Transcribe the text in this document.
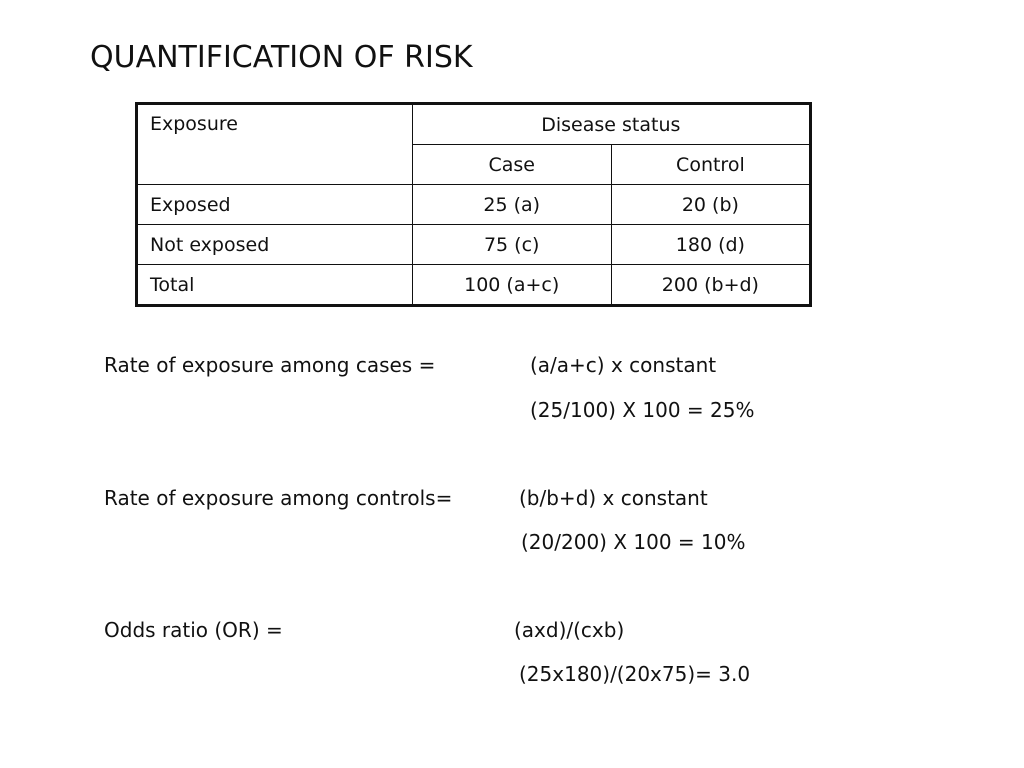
QUANTIFICATION OF RISK
Exposure	Disease status	
	Case	Control
Exposed	25 (a)	20 (b)
Not exposed	75 (c)	180 (d)
Total	100 (a+c)	200 (b+d)
Rate of exposure among cases =	(a/a+c) x constant
(25/100) X 100 = 25%
Rate of exposure among controls=	(b/b+d) x constant
(20/200) X 100 = 10%
Odds ratio (OR) =	(axd)/(cxb)
(25x180)/(20x75)= 3.0
